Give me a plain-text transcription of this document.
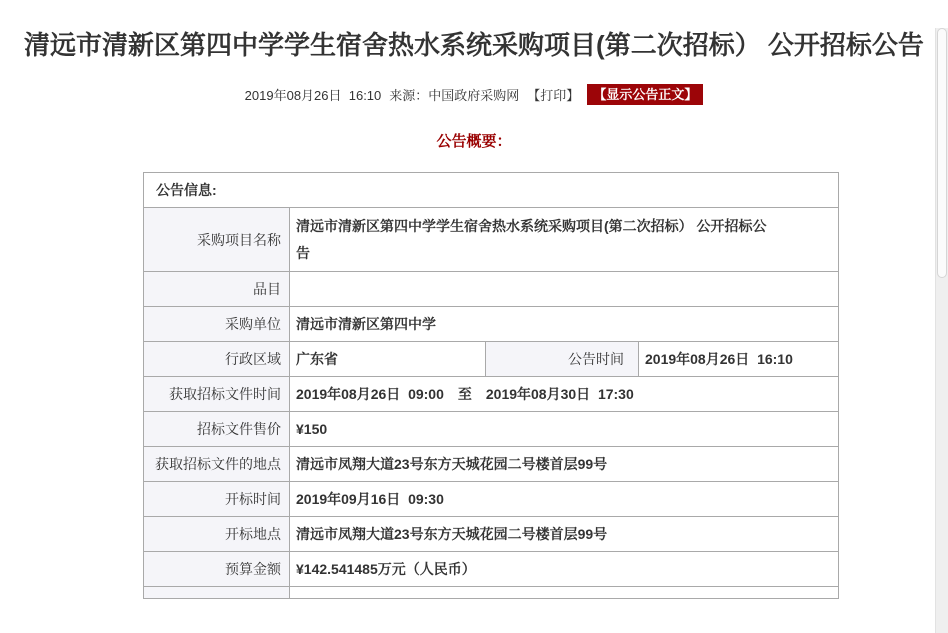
清远市清新区第四中学学生宿舍热水系统采购项目(第二次招标） 公开招标公告
2019年08月26日  16:10 来源：中国政府采购网 【打印】 【显示公告正文】
公告概要：
公告信息:			
采购项目名称	清远市清新区第四中学学生宿舍热水系统采购项目(第二次招标） 公开招标公告		

品目			
采购单位	清远市清新区第四中学		
行政区域	广东省	公告时间	2019年08月26日  16:10
获取招标文件时间	2019年08月26日  09:00　至　2019年08月30日  17:30		
招标文件售价	¥150		
获取招标文件的地点	清远市凤翔大道23号东方天城花园二号楼首层99号		
开标时间	2019年09月16日  09:30		
开标地点	清远市凤翔大道23号东方天城花园二号楼首层99号		
预算金额	¥142.541485万元（人民币）		
